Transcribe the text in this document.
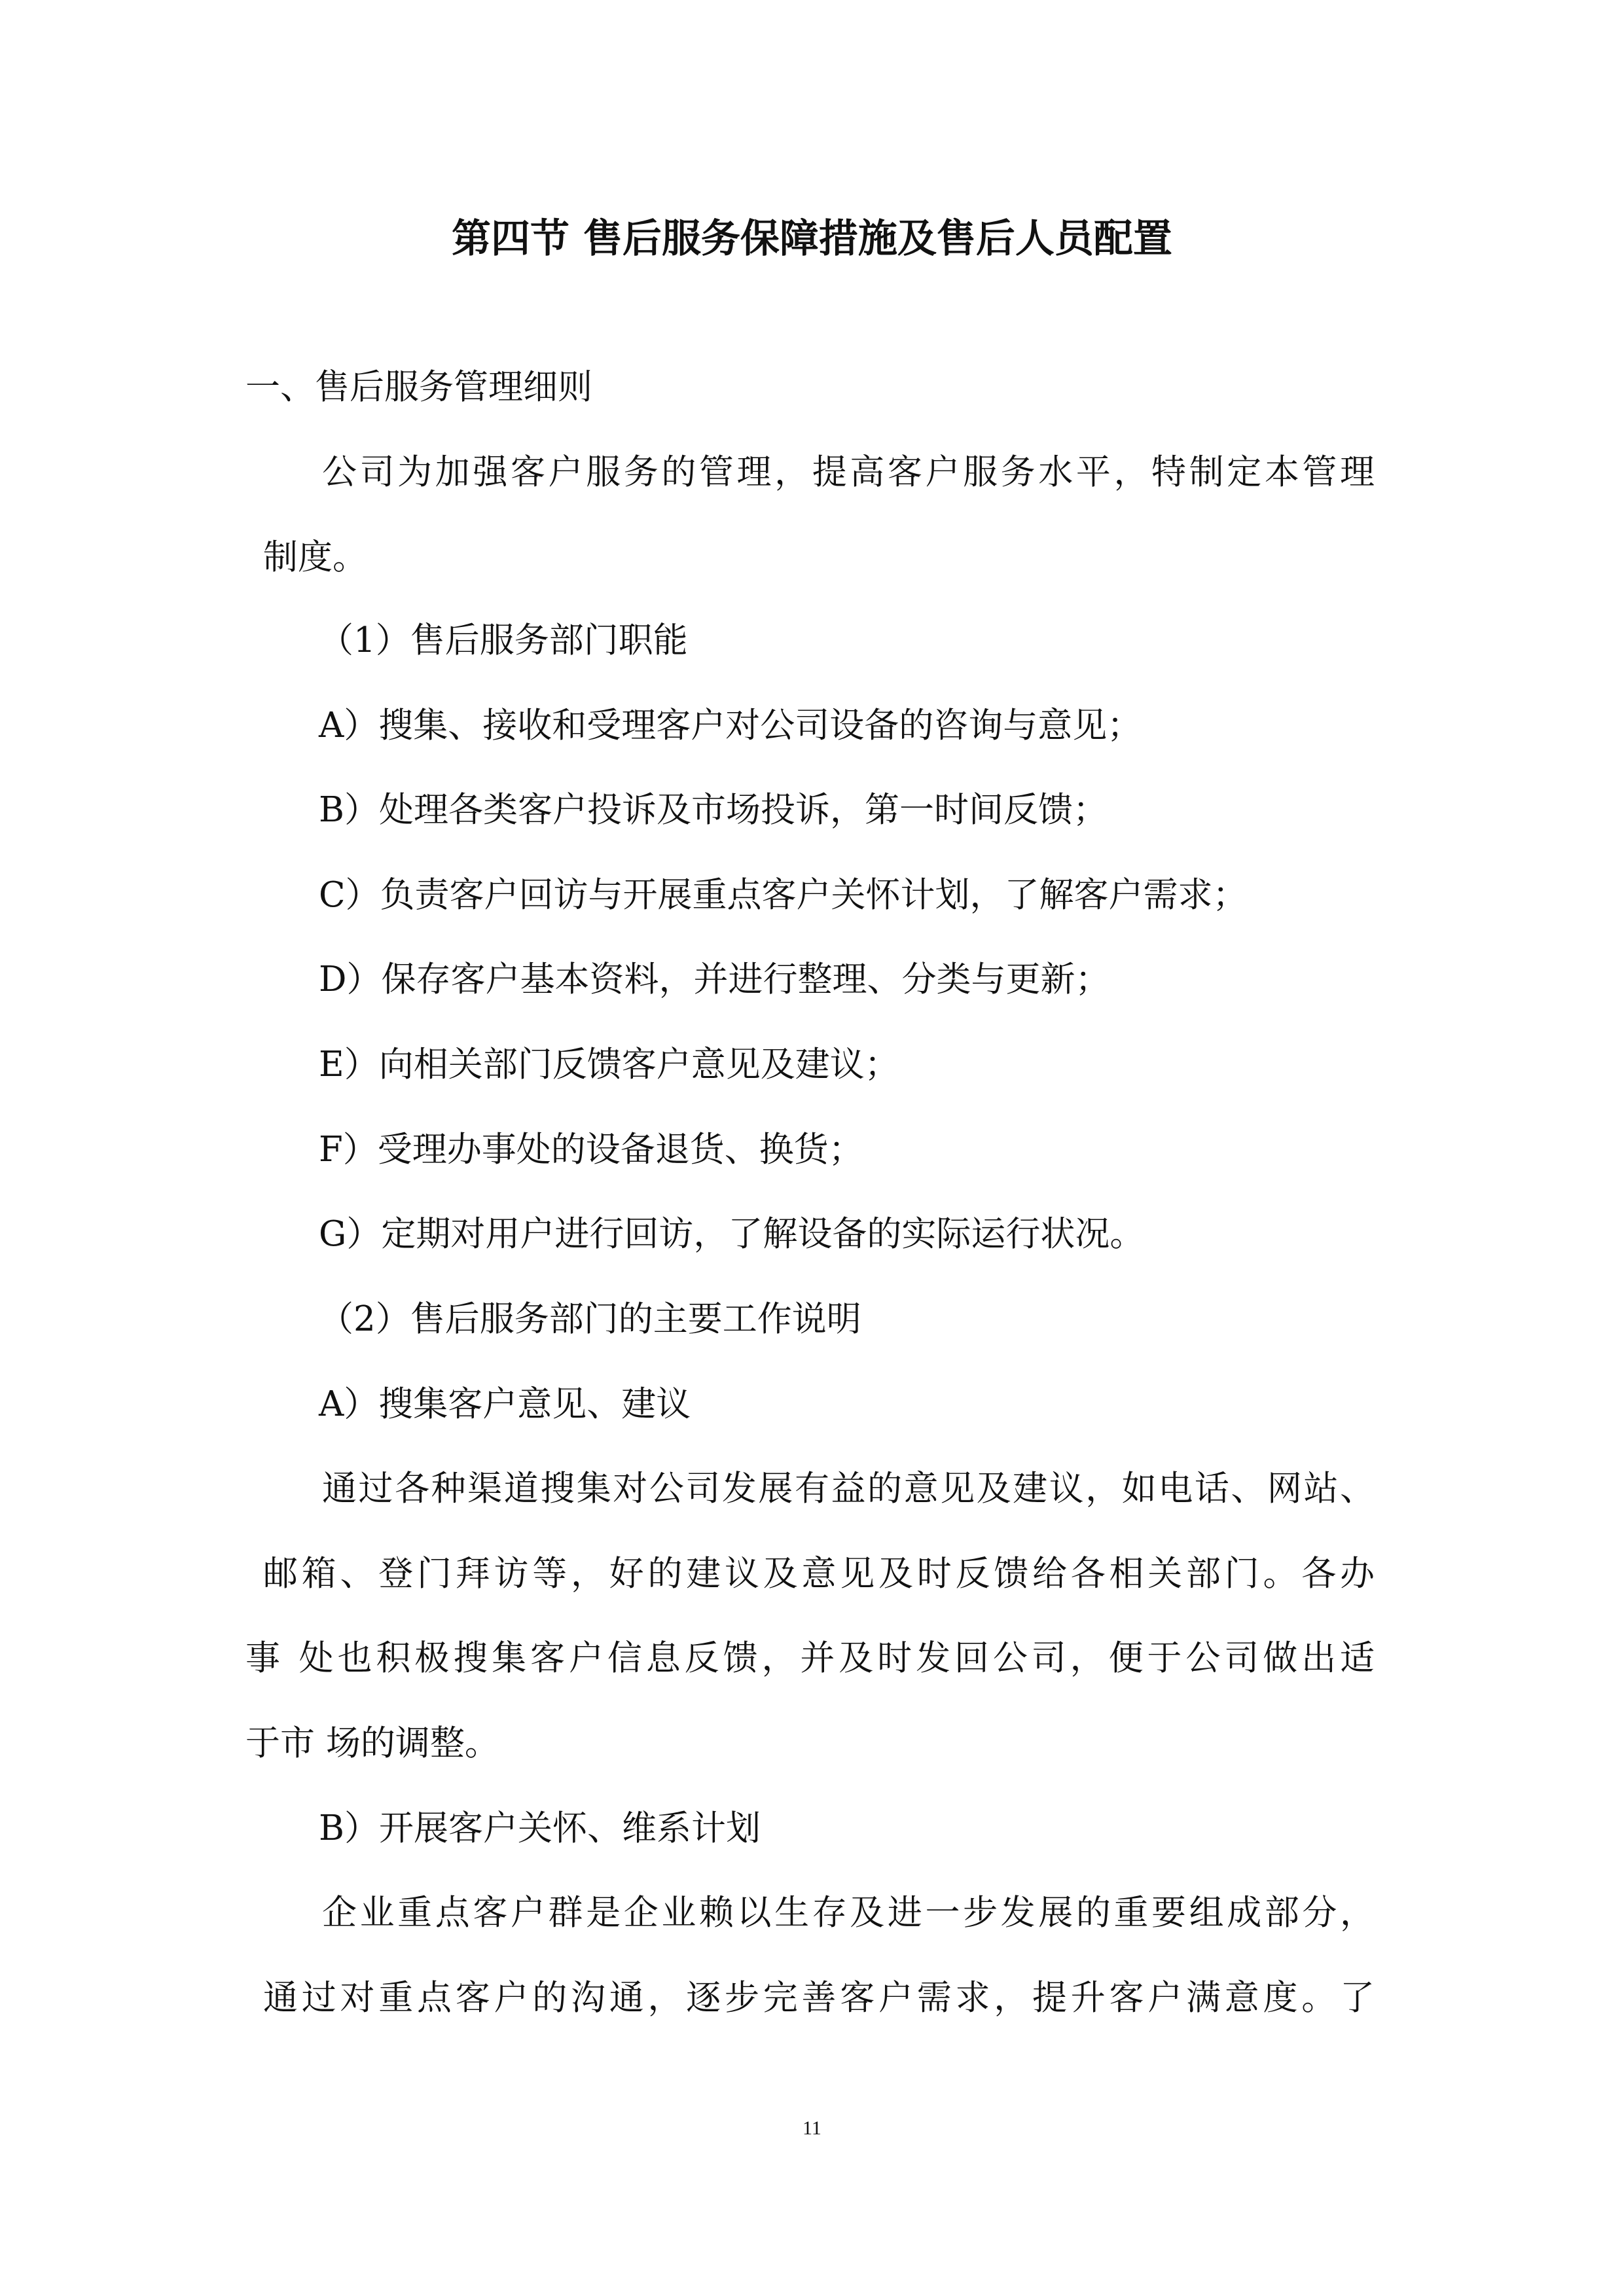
第四节 售后服务保障措施及售后人员配置
一、售后服务管理细则
公司为加强客户服务的管理，提高客户服务水平，特制定本管理
制度。
（1）售后服务部门职能
A）搜集、接收和受理客户对公司设备的咨询与意见；
B）处理各类客户投诉及市场投诉，第一时间反馈；
C）负责客户回访与开展重点客户关怀计划，了解客户需求；
D）保存客户基本资料，并进行整理、分类与更新；
E）向相关部门反馈客户意见及建议；
F）受理办事处的设备退货、换货；
G）定期对用户进行回访，了解设备的实际运行状况。
（2）售后服务部门的主要工作说明
A）搜集客户意见、建议
通过各种渠道搜集对公司发展有益的意见及建议，如电话、网站、
邮箱、登门拜访等，好的建议及意见及时反馈给各相关部门。各办
事 处也积极搜集客户信息反馈，并及时发回公司，便于公司做出适
于市 场的调整。
B）开展客户关怀、维系计划
企业重点客户群是企业赖以生存及进一步发展的重要组成部分，
通过对重点客户的沟通，逐步完善客户需求，提升客户满意度。了
11
